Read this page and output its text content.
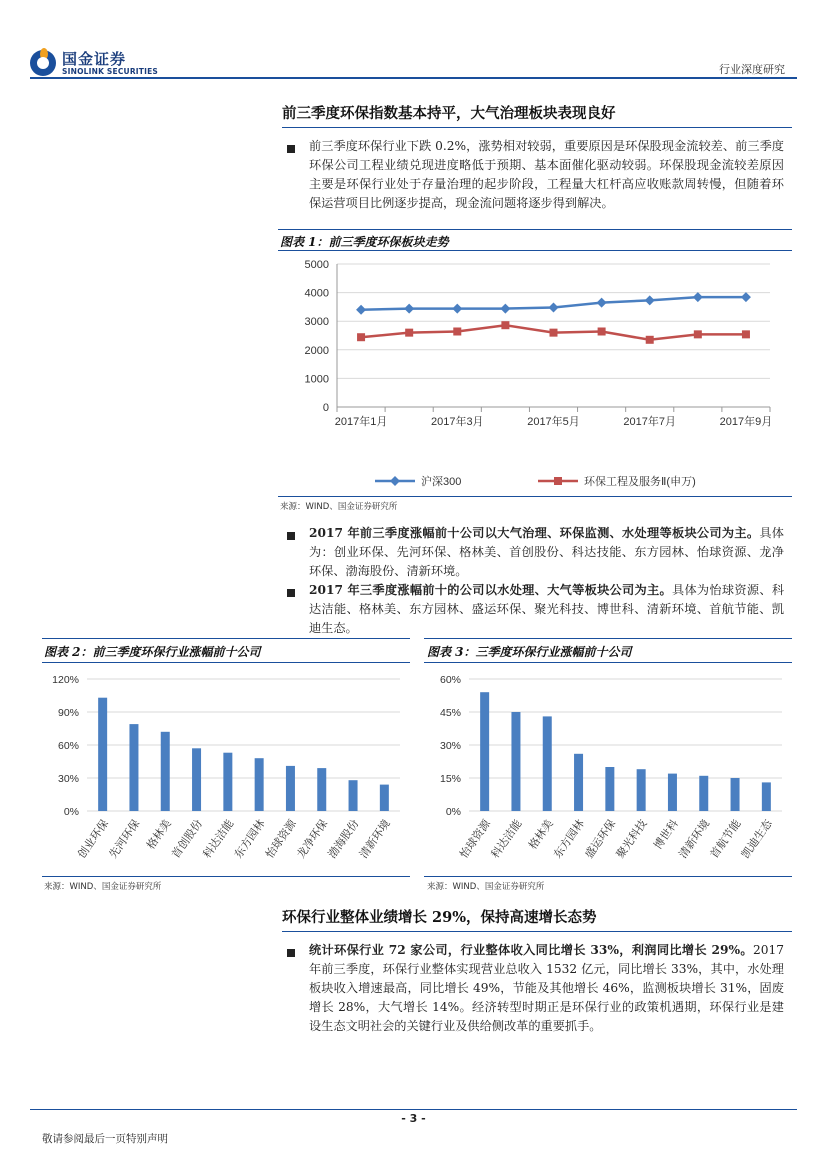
国金证券
SINOLINK SECURITIES	行业深度研究
前三季度环保指数基本持平，大气治理板块表现良好
前三季度环保行业下跌 0.2%，涨势相对较弱，重要原因是环保股现金流较差、前三季度环保公司工程业绩兑现进度略低于预期、基本面催化驱动较弱。环保股现金流较差原因主要是环保行业处于存量治理的起步阶段，工程量大杠杆高应收账款周转慢，但随着环保运营项目比例逐步提高，现金流问题将逐步得到解决。
图表 1：前三季度环保板块走势
0
1000
2000
3000
4000
5000
2017年1月	2017年3月	2017年5月	2017年7月	2017年9月
沪深300	环保工程及服务Ⅱ(申万)
来源：WIND、国金证券研究所
2017 年前三季度涨幅前十公司以大气治理、环保监测、水处理等板块公司为主。具体为：创业环保、先河环保、格林美、首创股份、科达技能、东方园林、怡球资源、龙净环保、渤海股份、清新环境。
2017 年三季度涨幅前十的公司以水处理、大气等板块公司为主。具体为怡球资源、科达洁能、格林美、东方园林、盛运环保、聚光科技、博世科、清新环境、首航节能、凯迪生态。
图表 2：前三季度环保行业涨幅前十公司
0%
30%
60%
90%
120%
创业环保
先河环保 格林美
首创股份
科达洁能
东方园林
怡球资源
龙净环保
渤海股份
清新环境
来源：WIND、国金证券研究所
图表 3：三季度环保行业涨幅前十公司
0%
15%
30%
45%
60%
怡球资源
科达洁能 格林美
东方园林
盛运环保
聚光科技 博世科
清新环境
首航节能
凯迪生态
来源：WIND、国金证券研究所
环保行业整体业绩增长 29%，保持高速增长态势
统计环保行业 72 家公司，行业整体收入同比增长 33%，利润同比增长 29%。2017 年前三季度，环保行业整体实现营业总收入 1532 亿元，同比增长 33%，其中，水处理板块收入增速最高，同比增长 49%，节能及其他增长 46%，监测板块增长 31%，固废增长 28%，大气增长 14%。经济转型时期正是环保行业的政策机遇期，环保行业是建设生态文明社会的关键行业及供给侧改革的重要抓手。
- 3 -
敬请参阅最后一页特别声明
